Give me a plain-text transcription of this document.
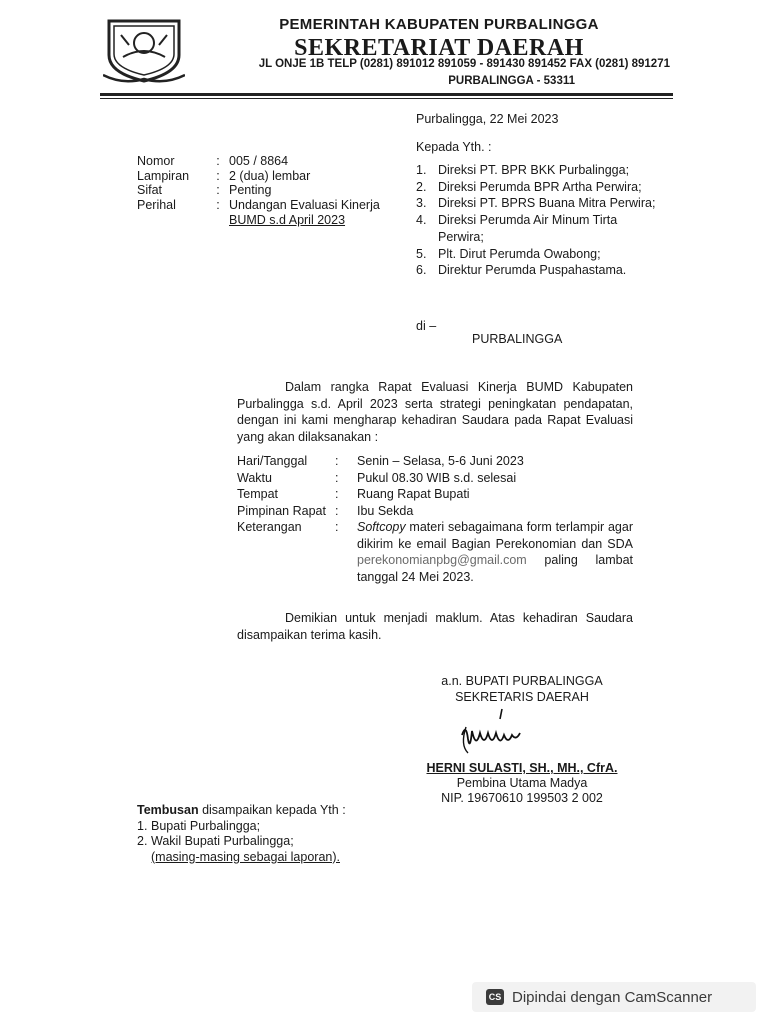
PEMERINTAH KABUPATEN PURBALINGGA
SEKRETARIAT DAERAH
JL ONJE 1B TELP (0281) 891012 891059 - 891430 891452 FAX (0281) 891271
PURBALINGGA - 53311
Purbalingga, 22 Mei 2023
Nomor	:	005 / 8864
Lampiran	:	2 (dua) lembar
Sifat	:	Penting
Perihal	:	Undangan Evaluasi Kinerja
BUMD s.d April 2023
Kepada Yth. :
1. Direksi PT. BPR BKK Purbalingga;
2. Direksi Perumda BPR Artha Perwira;
3. Direksi PT. BPRS Buana Mitra Perwira;
4. Direksi Perumda Air Minum Tirta Perwira;
5. Plt. Dirut Perumda Owabong;
6. Direktur Perumda Puspahastama.
di –
PURBALINGGA
Dalam rangka Rapat Evaluasi Kinerja BUMD Kabupaten Purbalingga s.d. April 2023 serta strategi peningkatan pendapatan, dengan ini kami mengharap kehadiran Saudara pada Rapat Evaluasi yang akan dilaksanakan :
Hari/Tanggal	:	Senin – Selasa, 5-6 Juni 2023
Waktu	:	Pukul 08.30 WIB s.d. selesai
Tempat	:	Ruang Rapat Bupati
Pimpinan Rapat	:	Ibu Sekda
Keterangan	:	Softcopy materi sebagaimana form terlampir agar dikirim ke email Bagian Perekonomian dan SDA perekonomianpbg@gmail.com paling lambat tanggal 24 Mei 2023.
Demikian untuk menjadi maklum. Atas kehadiran Saudara disampaikan terima kasih.
a.n. BUPATI PURBALINGGA
SEKRETARIS DAERAH
HERNI SULASTI, SH., MH., CfrA.
Pembina Utama Madya
NIP. 19670610 199503 2 002
Tembusan disampaikan kepada Yth :
1. Bupati Purbalingga;
2. Wakil Bupati Purbalingga;
(masing-masing sebagai laporan).
CS Dipindai dengan CamScanner
